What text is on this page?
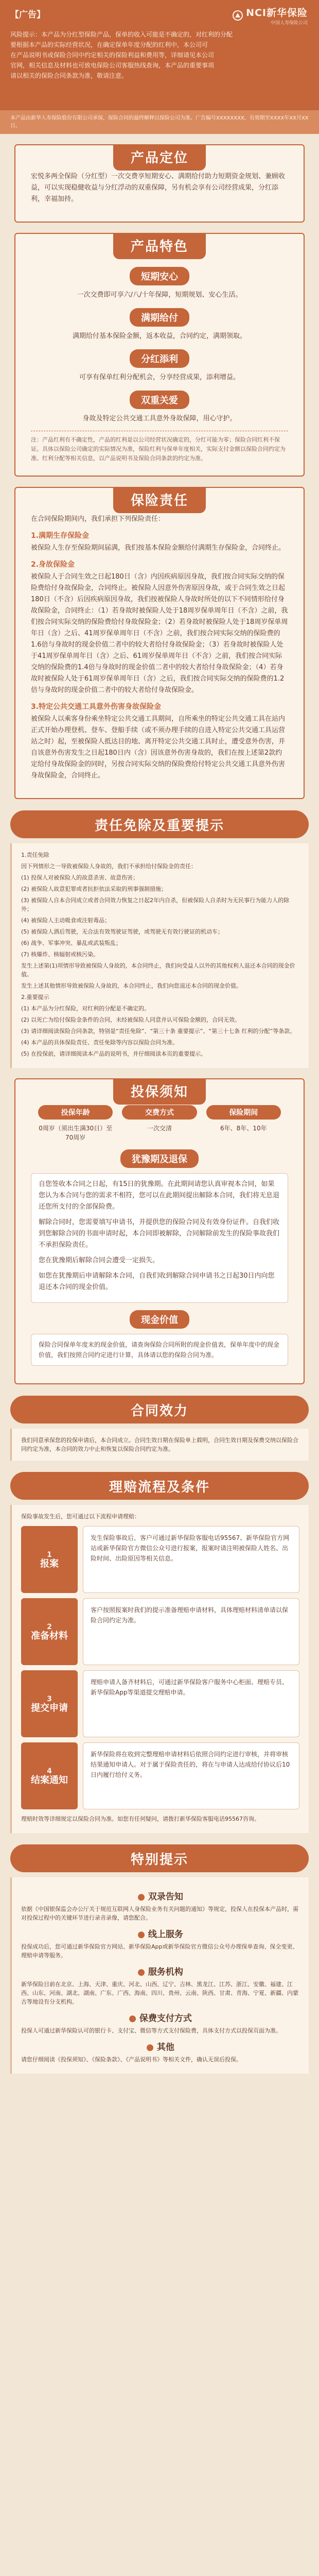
【广告】	NCI新华保险
中国人寿保险公司

风险提示：本产品为分红型保险产品，保单的收入可能是不确定的，对红利的分配

要根据本产品的实际经营状况，在确定保单年度分配的红利中，本公司可

在产品说明书或保险合同中约定相关的保险利益和费用等，详细请见本公司

官网，相关信息及材料也可致电保险公司客服热线查询，本产品的重要事项

请以相关的保险合同条款为准，敬请注意。

本产品由新华人寿保险股份有限公司承保，保险合同的最终解释以保险公司为准。广告编号XXXXXXXX，有效期至XXXX年XX月XX日。
产品定位

宏悦多两全保险（分红型）一次交费享短期安心、满期给付助力短期资金规划、兼顾收益，可以实现稳健收益与分红浮动的双重保障，另有机会享有公司经营成果，分红添利，幸福加持。

产品特色
短期安心
一次交费即可享六/八/十年保障，短期规划、安心生活。
满期给付
满期给付基本保险金额，返本收益，合同约定，满期领取。
分红添利
可享有保单红利分配机会，分享经营成果，添利增益。
双重关爱
身故及特定公共交通工具意外身故保障，用心守护。
注：产品红利有不确定性，产品的红利是以公司经营状况确定的，分红可能为零；保险合同红利不保证。具体以保险公司确定的实际情况为准，保险红利与保单年度相关，实际支付金额以保险合同约定为准。红利分配等相关信息，以产品说明书及保险合同条款的约定为准。
保险责任

在合同保险期间内，我们承担下列保险责任：

1.满期生存保险金

被保险人生存至保险期间届满，我们按基本保险金额给付满期生存保险金，合同终止。

2.身故保险金

被保险人于合同生效之日起180日（含）内因疾病原因身故，我们按合同实际交纳的保险费给付身故保险金，合同终止。被保险人因意外伤害原因身故，或于合同生效之日起180日（不含）后因疾病原因身故，我们按被保险人身故时所处的以下不同情形给付身故保险金，合同终止：（1）若身故时被保险人处于18周岁保单周年日（不含）之前，我们按合同实际交纳的保险费给付身故保险金；（2）若身故时被保险人处于18周岁保单周年日（含）之后、41周岁保单周年日（不含）之前，我们按合同实际交纳的保险费的1.6倍与身故时的现金价值二者中的较大者给付身故保险金；（3）若身故时被保险人处于41周岁保单周年日（含）之后、61周岁保单周年日（不含）之前，我们按合同实际交纳的保险费的1.4倍与身故时的现金价值二者中的较大者给付身故保险金；（4）若身故时被保险人处于61周岁保单周年日（含）之后，我们按合同实际交纳的保险费的1.2倍与身故时的现金价值二者中的较大者给付身故保险金。

3.特定公共交通工具意外伤害身故保险金

被保险人以乘客身份乘坐特定公共交通工具期间，自所乘坐的特定公共交通工具在站内正式开始办理登机、登车、登船手续（或不须办理手续的自进入特定公共交通工具运营站之时）起，至被保险人抵达目的地、离开特定公共交通工具时止，遭受意外伤害，并自该意外伤害发生之日起180日内（含）因该意外伤害身故的，我们在按上述第2款约定给付身故保险金的同时，另按合同实际交纳的保险费给付特定公共交通工具意外伤害身故保险金，合同终止。

责任免除及重要提示

1.责任免除

因下列情形之一导致被保险人身故的，我们不承担给付保险金的责任：

(1) 投保人对被保险人的故意杀害、故意伤害；

(2) 被保险人故意犯罪或者抗拒依法采取的刑事强制措施；

(3) 被保险人自本合同成立或者合同效力恢复之日起2年内自杀，但被保险人自杀时为无民事行为能力人的除外；

(4) 被保险人主动吸食或注射毒品；

(5) 被保险人酒后驾驶，无合法有效驾驶证驾驶，或驾驶无有效行驶证的机动车；

(6) 战争、军事冲突、暴乱或武装叛乱；

(7) 核爆炸、核辐射或核污染。

发生上述第(1)项情形导致被保险人身故的，本合同终止，我们向受益人以外的其他权利人退还本合同的现金价值。

发生上述其他情形导致被保险人身故的，本合同终止，我们向您退还本合同的现金价值。

2.重要提示

(1) 本产品为分红保险，对红利的分配是不确定的。

(2) 以死亡为给付保险金条件的合同，未经被保险人同意并认可保险金额的，合同无效。

(3) 请详细阅读保险合同条款，特别是“责任免除”、“第三十条 重要提示”、“第三十七条 红利的分配”等条款。

(4) 本产品的具体保险责任、责任免除等内容以保险合同为准。

(5) 在投保前，请详细阅读本产品的说明书，并仔细阅读本页的重要提示。

投保须知
投保年龄
0周岁（须出生满30日）至70周岁
交费方式
一次交清
保险期间
6年、8年、10年
犹豫期及退保

自您签收本合同之日起，有15日的犹豫期。在此期间请您认真审视本合同，如果您认为本合同与您的需求不相符，您可以在此期间提出解除本合同，我们将无息退还您所支付的全部保险费。

解除合同时，您需要填写申请书，并提供您的保险合同及有效身份证件。自我们收到您解除合同的书面申请时起，本合同即被解除，合同解除前发生的保险事故我们不承担保险责任。

您在犹豫期后解除合同会遭受一定损失。

如您在犹豫期后申请解除本合同，自我们收到解除合同申请书之日起30日内向您退还本合同的现金价值。

现金价值
保险合同保单年度末的现金价值，请查询保险合同所附的现金价值表，保单年度中的现金价值，我们按照合同约定进行计算，具体请以您的保险合同为准。
合同效力
我们同意承保您的投保申请后，本合同成立。合同生效日期在保险单上载明，合同生效日期及保费交纳以保险合同约定为准，本合同的效力中止和恢复以保险合同约定为准。
理赔流程及条件

保险事故发生后，您可通过以下流程申请理赔：

1
报案
发生保险事故后，客户可通过新华保险客服电话95567、新华保险官方网站或新华保险官方微信公众号进行报案，报案时请注明被保险人姓名、出险时间、出险原因等相关信息。
2
准备材料
客户按照报案时我们的提示准备理赔申请材料，具体理赔材料清单请以保险合同约定为准。
3
提交申请
理赔申请人备齐材料后，可通过新华保险客户服务中心柜面、理赔专员、新华保险App等渠道提交理赔申请。
4
结案通知
新华保险将在收到完整理赔申请材料后依照合同约定进行审核，并将审核结果通知申请人。对于属于保险责任的，将在与申请人达成给付协议后10日内履行给付义务。

理赔时效等详细规定以保险合同为准。如您有任何疑问，请拨打新华保险客服电话95567咨询。

特别提示
● 双录告知

依据《中国银保监会办公厅关于规范互联网人身保险业务有关问题的通知》等规定，投保人在投保本产品时，需对投保过程中的关键环节进行录音录像，请您配合。

● 线上服务

投保成功后，您可通过新华保险官方网站、新华保险App或新华保险官方微信公众号办理保单查询、保全变更、理赔申请等服务。

● 服务机构

新华保险目前在北京、上海、天津、重庆、河北、山西、辽宁、吉林、黑龙江、江苏、浙江、安徽、福建、江西、山东、河南、湖北、湖南、广东、广西、海南、四川、贵州、云南、陕西、甘肃、青海、宁夏、新疆、内蒙古等地设有分支机构。

● 保费支付方式

投保人可通过新华保险认可的银行卡、支付宝、微信等方式支付保险费，具体支付方式以投保页面为准。

● 其他

请您仔细阅读《投保须知》、《保险条款》、《产品说明书》等相关文件，确认无误后投保。
